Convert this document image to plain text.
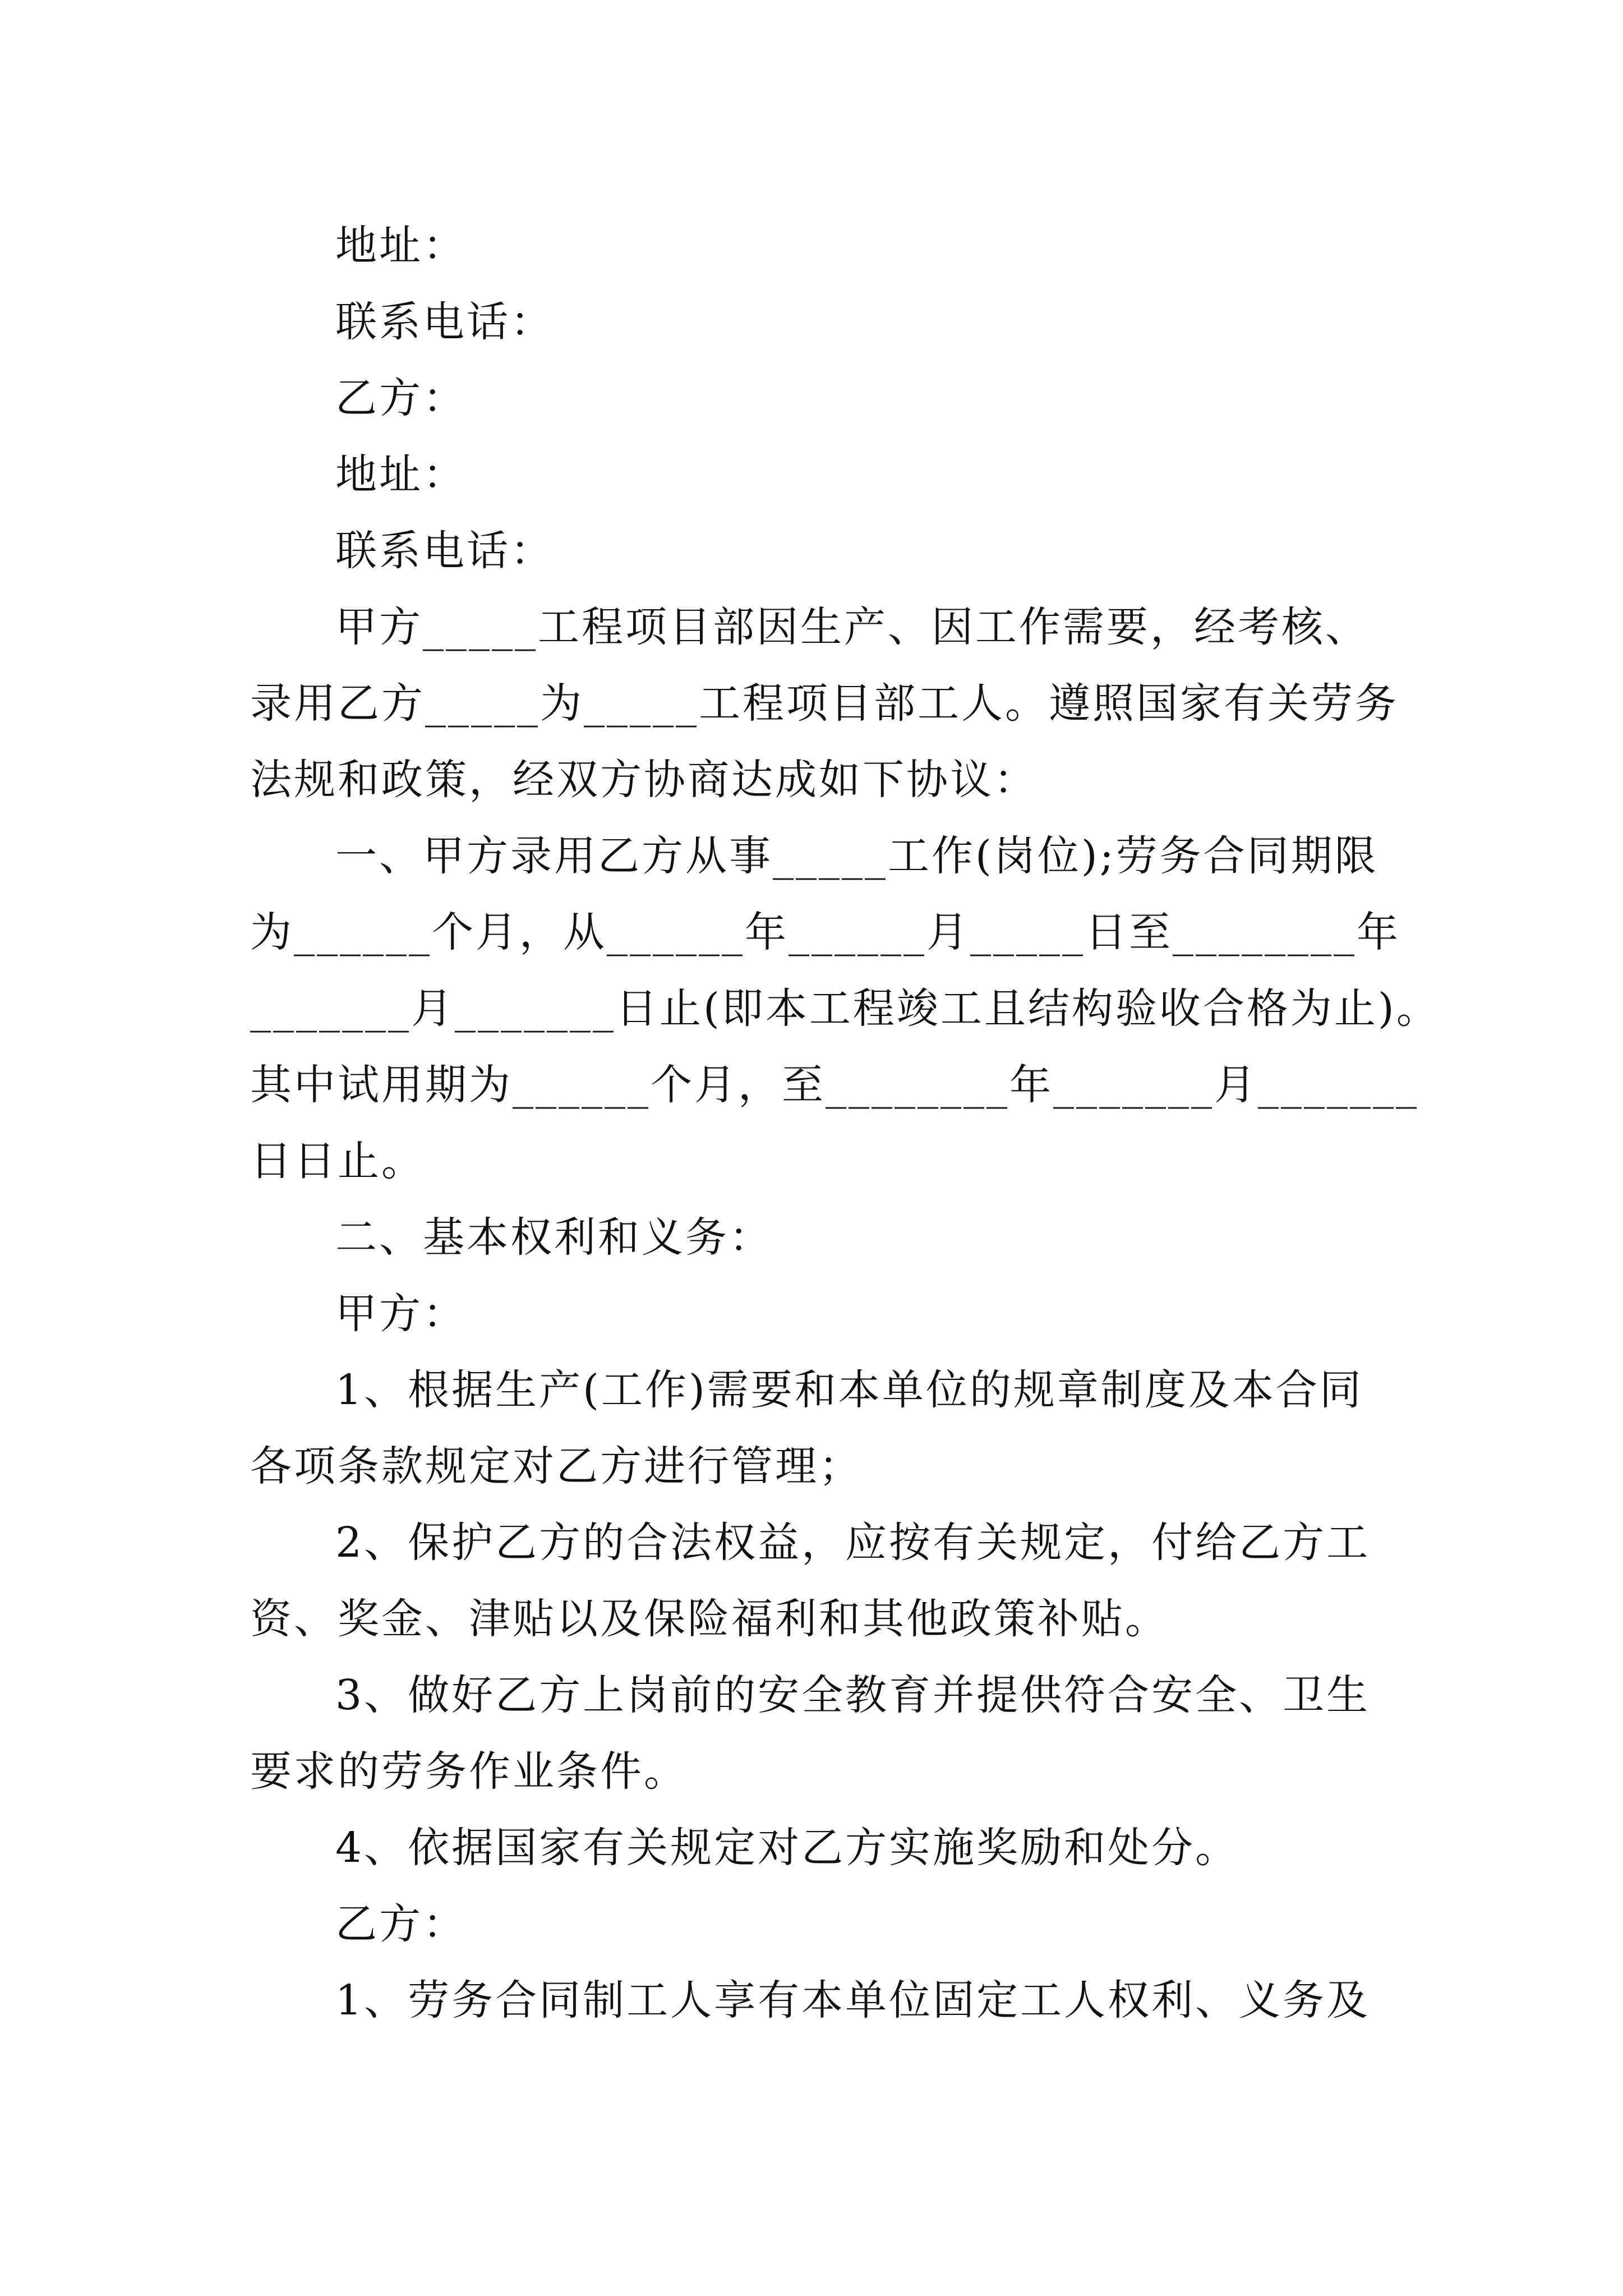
地址：
联系电话：
乙方：
地址：
联系电话：
甲方_____工程项目部因生产、因工作需要，经考核、
录用乙方_____为_____工程项目部工人。遵照国家有关劳务
法规和政策，经双方协商达成如下协议：
一、甲方录用乙方从事_____工作(岗位);劳务合同期限
为______个月，从______年______月_____日至________年
_______月_______日止(即本工程竣工且结构验收合格为止)。
其中试用期为______个月，至________年_______月_______
日日止。
二、基本权利和义务：
甲方：
1、根据生产(工作)需要和本单位的规章制度及本合同
各项条款规定对乙方进行管理；
2、保护乙方的合法权益，应按有关规定，付给乙方工
资、奖金、津贴以及保险福利和其他政策补贴。
3、做好乙方上岗前的安全教育并提供符合安全、卫生
要求的劳务作业条件。
4、依据国家有关规定对乙方实施奖励和处分。
乙方：
1、劳务合同制工人享有本单位固定工人权利、义务及
